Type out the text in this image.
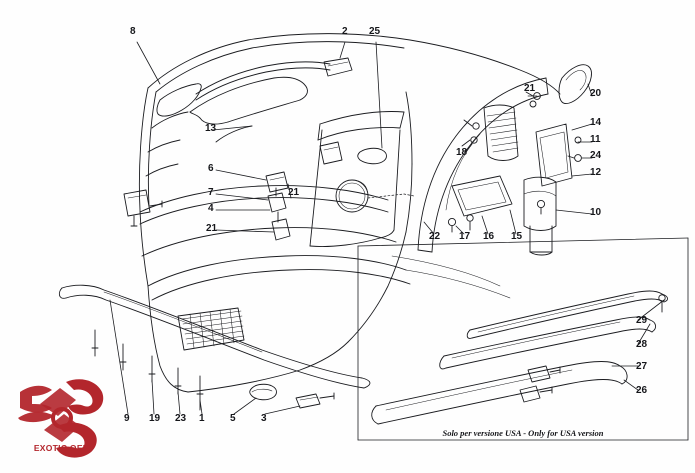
8	2 25
21	20
14
11
13
18	24
12
6
7	21
4	10
21
22 17 16 15
29
28
27
26
9 19 23 1	5	3
Solo per versione USA - Only for USA version
EXOTIC OEM
